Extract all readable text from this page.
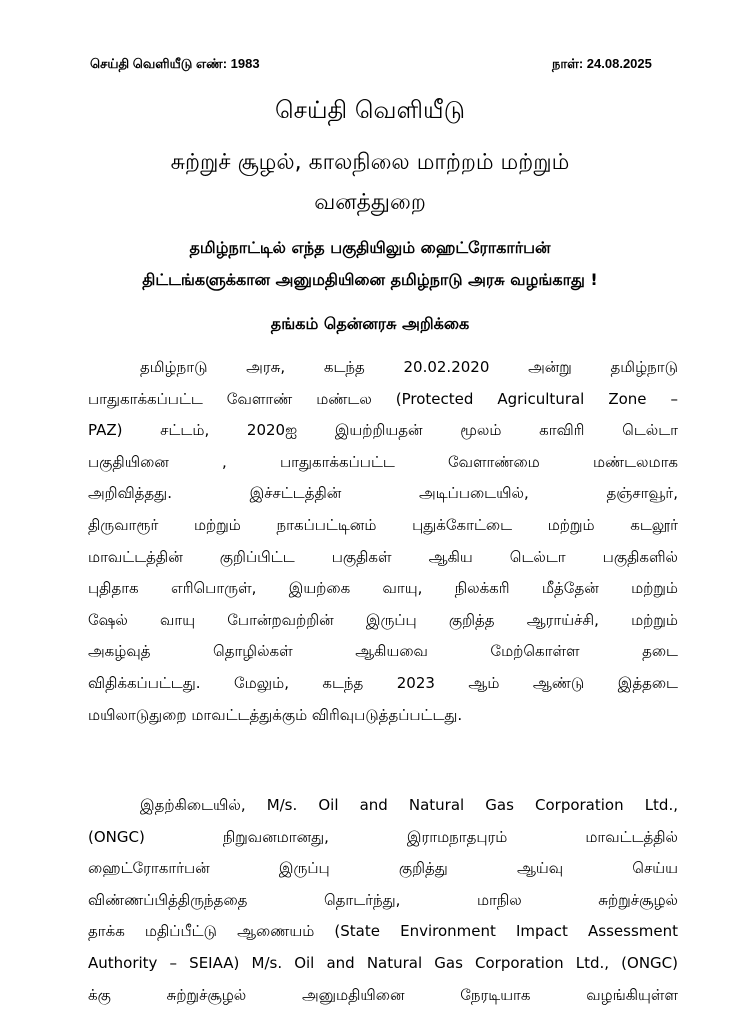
செய்தி வெளியீடு எண்: 1983	நாள்: 24.08.2025
செய்தி வெளியீடு
சுற்றுச் சூழல், காலநிலை மாற்றம் மற்றும்
வனத்துறை
தமிழ்நாட்டில் எந்த பகுதியிலும் ஹைட்ரோகார்பன்
திட்டங்களுக்கான அனுமதியினை தமிழ்நாடு அரசு வழங்காது !
தங்கம் தென்னரசு அறிக்கை
தமிழ்நாடு அரசு, கடந்த 20.02.2020 அன்று தமிழ்நாடு
பாதுகாக்கப்பட்ட வேளாண் மண்டல (Protected Agricultural Zone –
PAZ) சட்டம், 2020ஐ இயற்றியதன் மூலம் காவிரி டெல்டா
பகுதியினை , பாதுகாக்கப்பட்ட வேளாண்மை மண்டலமாக
அறிவித்தது. இச்சட்டத்தின் அடிப்படையில், தஞ்சாவூர்,
திருவாரூர் மற்றும் நாகப்பட்டினம் புதுக்கோட்டை மற்றும் கடலூர்
மாவட்டத்தின் குறிப்பிட்ட பகுதிகள் ஆகிய டெல்டா பகுதிகளில்
புதிதாக எரிபொருள், இயற்கை வாயு, நிலக்கரி மீத்தேன் மற்றும்
ஷேல் வாயு போன்றவற்றின் இருப்பு குறித்த ஆராய்ச்சி, மற்றும்
அகழ்வுத் தொழில்கள் ஆகியவை மேற்கொள்ள தடை
விதிக்கப்பட்டது. மேலும், கடந்த 2023 ஆம் ஆண்டு இத்தடை
மயிலாடுதுறை மாவட்டத்துக்கும் விரிவுபடுத்தப்பட்டது.
இதற்கிடையில், M/s. Oil and Natural Gas Corporation Ltd.,
(ONGC) நிறுவனமானது, இராமநாதபுரம் மாவட்டத்தில்
ஹைட்ரோகார்பன் இருப்பு குறித்து ஆய்வு செய்ய
விண்ணப்பித்திருந்ததை தொடர்ந்து, மாநில சுற்றுச்சூழல்
தாக்க மதிப்பீட்டு ஆணையம் (State Environment Impact Assessment
Authority – SEIAA) M/s. Oil and Natural Gas Corporation Ltd., (ONGC)
க்கு சுற்றுச்சூழல் அனுமதியினை நேரடியாக வழங்கியுள்ள
